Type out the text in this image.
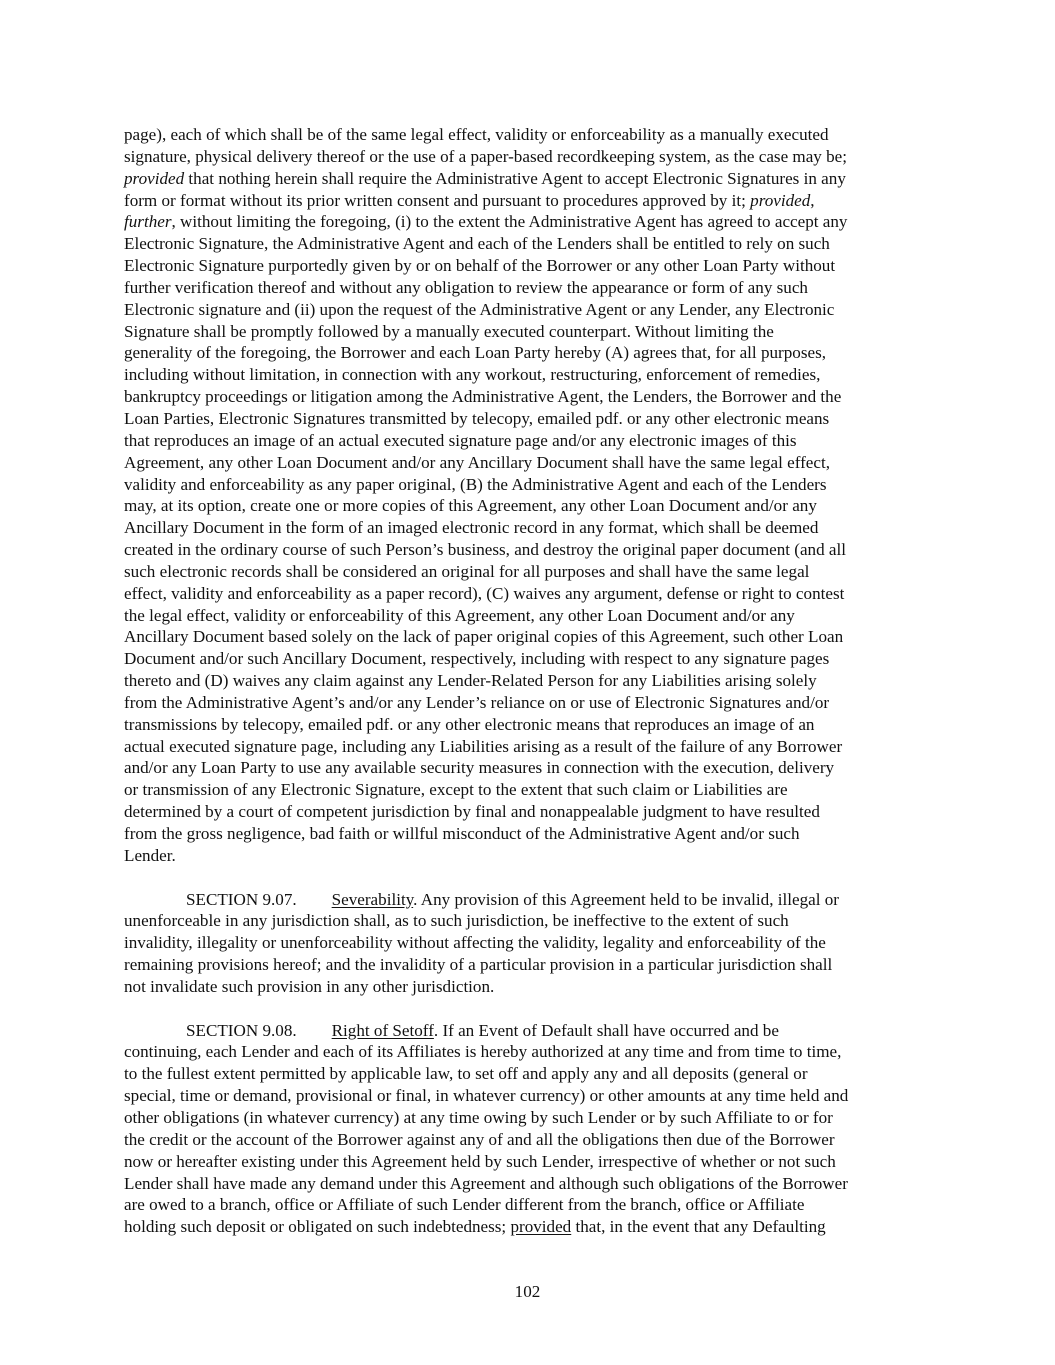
page), each of which shall be of the same legal effect, validity or enforceability as a manually executed
signature, physical delivery thereof or the use of a paper-based recordkeeping system, as the case may be;
provided that nothing herein shall require the Administrative Agent to accept Electronic Signatures in any
form or format without its prior written consent and pursuant to procedures approved by it; provided,
further, without limiting the foregoing, (i) to the extent the Administrative Agent has agreed to accept any
Electronic Signature, the Administrative Agent and each of the Lenders shall be entitled to rely on such
Electronic Signature purportedly given by or on behalf of the Borrower or any other Loan Party without
further verification thereof and without any obligation to review the appearance or form of any such
Electronic signature and (ii) upon the request of the Administrative Agent or any Lender, any Electronic
Signature shall be promptly followed by a manually executed counterpart. Without limiting the
generality of the foregoing, the Borrower and each Loan Party hereby (A) agrees that, for all purposes,
including without limitation, in connection with any workout, restructuring, enforcement of remedies,
bankruptcy proceedings or litigation among the Administrative Agent, the Lenders, the Borrower and the
Loan Parties, Electronic Signatures transmitted by telecopy, emailed pdf. or any other electronic means
that reproduces an image of an actual executed signature page and/or any electronic images of this
Agreement, any other Loan Document and/or any Ancillary Document shall have the same legal effect,
validity and enforceability as any paper original, (B) the Administrative Agent and each of the Lenders
may, at its option, create one or more copies of this Agreement, any other Loan Document and/or any
Ancillary Document in the form of an imaged electronic record in any format, which shall be deemed
created in the ordinary course of such Person’s business, and destroy the original paper document (and all
such electronic records shall be considered an original for all purposes and shall have the same legal
effect, validity and enforceability as a paper record), (C) waives any argument, defense or right to contest
the legal effect, validity or enforceability of this Agreement, any other Loan Document and/or any
Ancillary Document based solely on the lack of paper original copies of this Agreement, such other Loan
Document and/or such Ancillary Document, respectively, including with respect to any signature pages
thereto and (D) waives any claim against any Lender-Related Person for any Liabilities arising solely
from the Administrative Agent’s and/or any Lender’s reliance on or use of Electronic Signatures and/or
transmissions by telecopy, emailed pdf. or any other electronic means that reproduces an image of an
actual executed signature page, including any Liabilities arising as a result of the failure of any Borrower
and/or any Loan Party to use any available security measures in connection with the execution, delivery
or transmission of any Electronic Signature, except to the extent that such claim or Liabilities are
determined by a court of competent jurisdiction by final and nonappealable judgment to have resulted
from the gross negligence, bad faith or willful misconduct of the Administrative Agent and/or such
Lender.

SECTION 9.07. Severability. Any provision of this Agreement held to be invalid, illegal or
unenforceable in any jurisdiction shall, as to such jurisdiction, be ineffective to the extent of such
invalidity, illegality or unenforceability without affecting the validity, legality and enforceability of the
remaining provisions hereof; and the invalidity of a particular provision in a particular jurisdiction shall
not invalidate such provision in any other jurisdiction.

SECTION 9.08. Right of Setoff. If an Event of Default shall have occurred and be
continuing, each Lender and each of its Affiliates is hereby authorized at any time and from time to time,
to the fullest extent permitted by applicable law, to set off and apply any and all deposits (general or
special, time or demand, provisional or final, in whatever currency) or other amounts at any time held and
other obligations (in whatever currency) at any time owing by such Lender or by such Affiliate to or for
the credit or the account of the Borrower against any of and all the obligations then due of the Borrower
now or hereafter existing under this Agreement held by such Lender, irrespective of whether or not such
Lender shall have made any demand under this Agreement and although such obligations of the Borrower
are owed to a branch, office or Affiliate of such Lender different from the branch, office or Affiliate
holding such deposit or obligated on such indebtedness; provided that, in the event that any Defaulting

102
